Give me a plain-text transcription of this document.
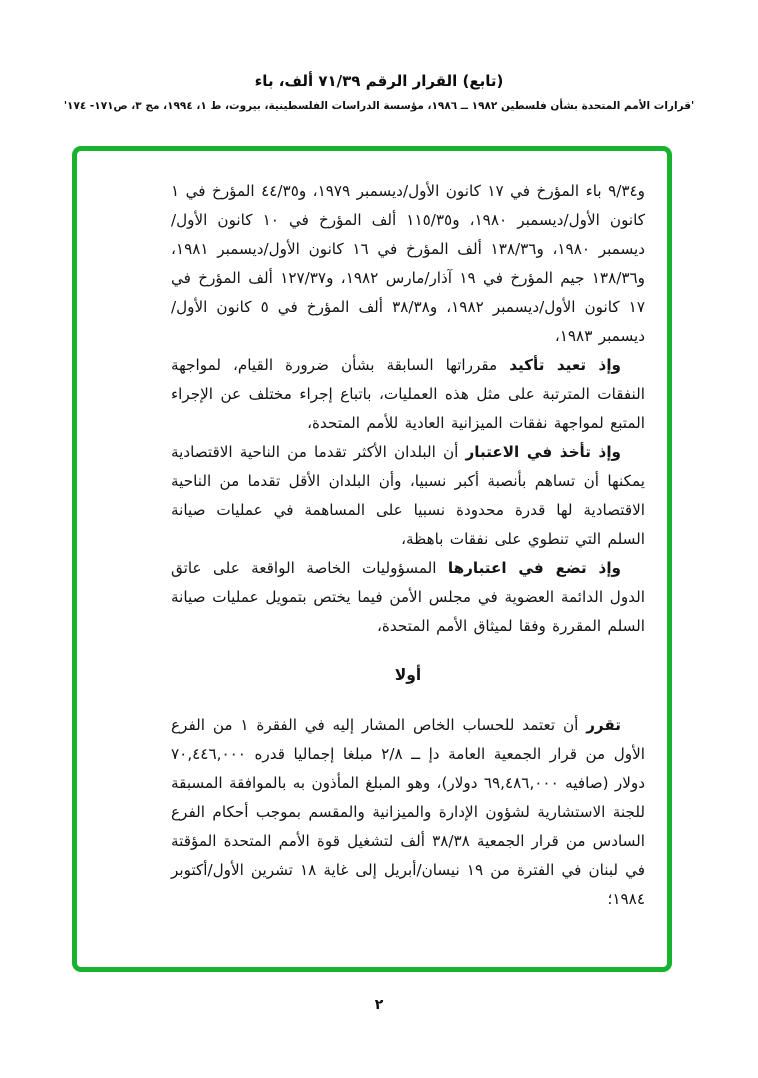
(تابع) القرار الرقم ٧١/٣٩ ألف، باء
'قرارات الأمم المتحدة بشأن فلسطين ١٩٨٢ ــ ١٩٨٦، مؤسسة الدراسات الفلسطينية، بيروت، ط ١، ١٩٩٤، مج ٣، ص١٧١- ١٧٤'

و٩/٣٤ باء المؤرخ في ١٧ كانون الأول/ديسمبر ١٩٧٩، و٤٤/٣٥ المؤرخ في ١ كانون الأول/ديسمبر ١٩٨٠، و١١٥/٣٥ ألف المؤرخ في ١٠ كانون الأول/ديسمبر ١٩٨٠، و١٣٨/٣٦ ألف المؤرخ في ١٦ كانون الأول/ديسمبر ١٩٨١، و١٣٨/٣٦ جيم المؤرخ في ١٩ آذار/مارس ١٩٨٢، و١٢٧/٣٧ ألف المؤرخ في ١٧ كانون الأول/ديسمبر ١٩٨٢، و٣٨/٣٨ ألف المؤرخ في ٥ كانون الأول/ديسمبر ١٩٨٣،

وإذ تعيد تأكيد مقرراتها السابقة بشأن ضرورة القيام، لمواجهة النفقات المترتبة على مثل هذه العمليات، باتباع إجراء مختلف عن الإجراء المتبع لمواجهة نفقات الميزانية العادية للأمم المتحدة،

وإذ تأخذ في الاعتبار أن البلدان الأكثر تقدما من الناحية الاقتصادية يمكنها أن تساهم بأنصبة أكبر نسبيا، وأن البلدان الأقل تقدما من الناحية الاقتصادية لها قدرة محدودة نسبيا على المساهمة في عمليات صيانة السلم التي تنطوي على نفقات باهظة،

وإذ تضع في اعتبارها المسؤوليات الخاصة الواقعة على عاتق الدول الدائمة العضوية في مجلس الأمن فيما يختص بتمويل عمليات صيانة السلم المقررة وفقا لميثاق الأمم المتحدة،

أولا

تقرر أن تعتمد للحساب الخاص المشار إليه في الفقرة ١ من الفرع الأول من قرار الجمعية العامة دإ ــ ٢/٨ مبلغا إجماليا قدره ٧٠,٤٤٦,٠٠٠ دولار (صافيه ٦٩,٤٨٦,٠٠٠ دولار)، وهو المبلغ المأذون به بالموافقة المسبقة للجنة الاستشارية لشؤون الإدارة والميزانية والمقسم بموجب أحكام الفرع السادس من قرار الجمعية ٣٨/٣٨ ألف لتشغيل قوة الأمم المتحدة المؤقتة في لبنان في الفترة من ١٩ نيسان/أبريل إلى غاية ١٨ تشرين الأول/أكتوبر ١٩٨٤؛

٢
